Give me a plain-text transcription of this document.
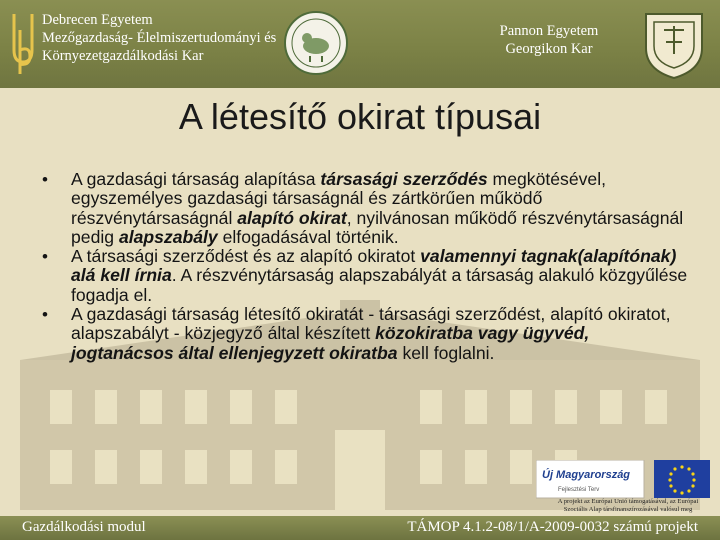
Debrecen Egyetem
Mezőgazdaság- Élelmiszertudományi és
Környezetgazdálkodási Kar
Pannon Egyetem
Georgikon Kar
A létesítő okirat típusai
• A gazdasági társaság alapítása társasági szerződés megkötésével, egyszemélyes gazdasági társaságnál és zártkörűen működő részvénytársaságnál alapító okirat, nyilvánosan működő részvénytársaságnál pedig alapszabály elfogadásával történik.
• A társasági szerződést és az alapító okiratot valamennyi tagnak(alapítónak) alá kell írnia. A részvénytársaság alapszabályát a társaság alakuló közgyűlése fogadja el.
• A gazdasági társaság létesítő okiratát - társasági szerződést, alapító okiratot, alapszabályt - közjegyző által készített közokiratba vagy ügyvéd, jogtanácsos által ellenjegyzett okiratba kell foglalni.
Új Magyarország
Fejlesztési Terv
A projekt az Európai Unió támogatásával, az Európai
Szociális Alap társfinanszírozásával valósul meg
Gazdálkodási modul	TÁMOP 4.1.2-08/1/A-2009-0032 számú projekt
